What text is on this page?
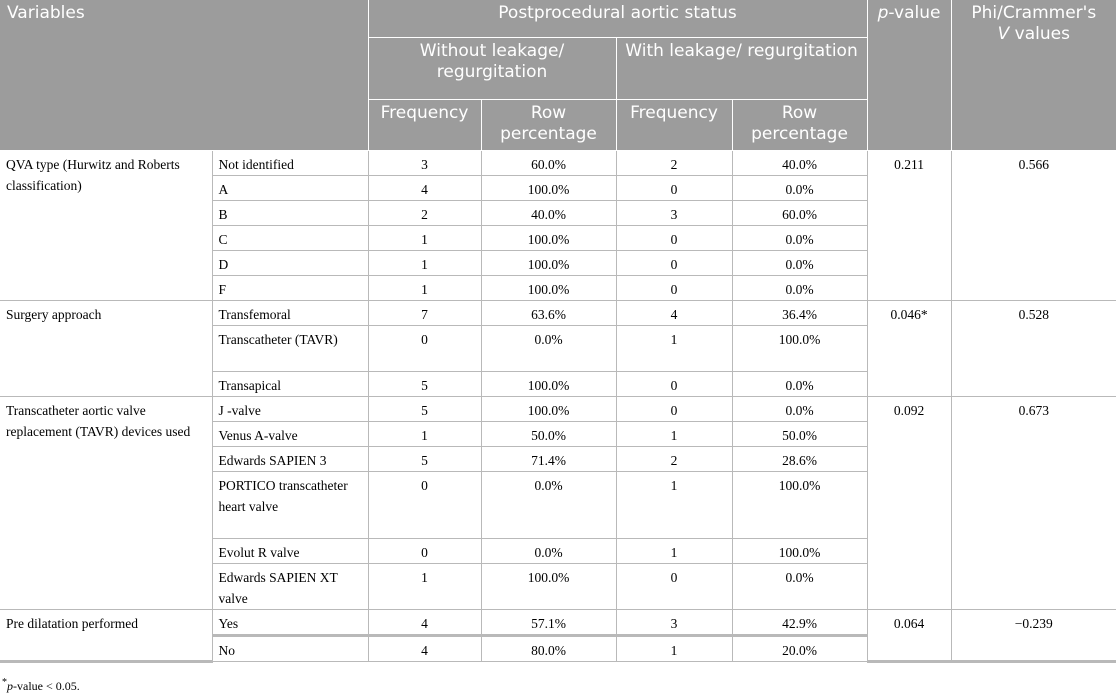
Variables		Postprocedural aortic status				p-value	Phi/Crammer's
V values
		Without leakage/ regurgitation		With leakage/ regurgitation			
		Frequency	Row percentage	Frequency	Row percentage		
QVA type (Hurwitz and Roberts classification)	Not identified	3	60.0%	2	40.0%	0.211	0.566
	A	4	100.0%	0	0.0%		
	B	2	40.0%	3	60.0%		
	C	1	100.0%	0	0.0%		
	D	1	100.0%	0	0.0%		
	F	1	100.0%	0	0.0%		
Surgery approach	Transfemoral	7	63.6%	4	36.4%	0.046*	0.528
	Transcatheter (TAVR)	0	0.0%	1	100.0%		
	Transapical	5	100.0%	0	0.0%		
Transcatheter aortic valve replacement (TAVR) devices used	J -valve	5	100.0%	0	0.0%	0.092	0.673
	Venus A-valve	1	50.0%	1	50.0%		
	Edwards SAPIEN 3	5	71.4%	2	28.6%		
	PORTICO transcatheter heart valve	0	0.0%	1	100.0%		
	Evolut R valve	0	0.0%	1	100.0%		
	Edwards SAPIEN XT valve	1	100.0%	0	0.0%		
Pre dilatation performed	Yes	4	57.1%	3	42.9%	0.064	−0.239
	No	4	80.0%	1	20.0%		
*p-value < 0.05.
